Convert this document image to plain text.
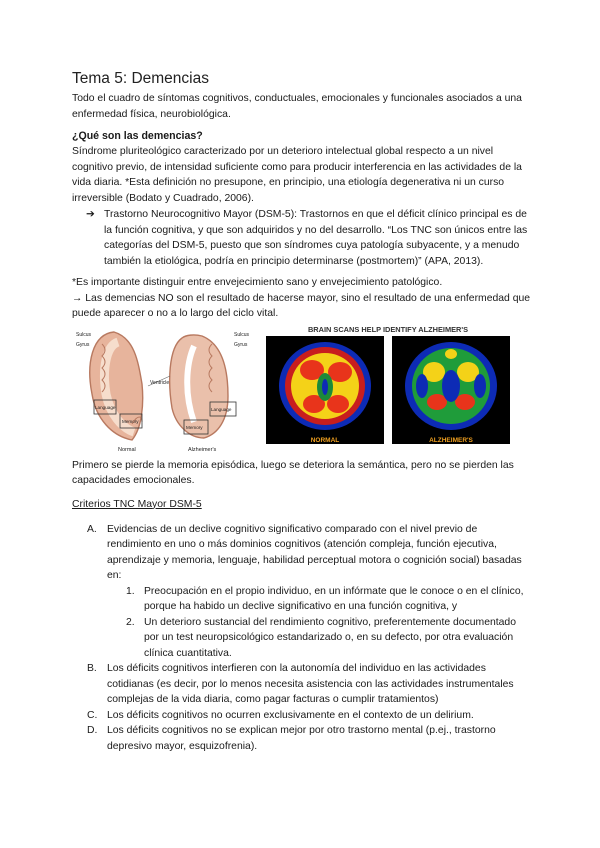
Tema 5: Demencias

Todo el cuadro de síntomas cognitivos, conductuales, emocionales y funcionales asociados a una enfermedad física, neurobiológica.

¿Qué son las demencias?

Síndrome pluriteológico caracterizado por un deterioro intelectual global respecto a un nivel cognitivo previo, de intensidad suficiente como para producir interferencia en las actividades de la vida diaria. *Esta definición no presupone, en principio, una etiología degenerativa ni un curso irreversible (Bodato y Cuadrado, 2006).

➔ Trastorno Neurocognitivo Mayor (DSM-5): Trastornos en que el déficit clínico principal es de la función cognitiva, y que son adquiridos y no del desarrollo. “Los TNC son únicos entre las categorías del DSM-5, puesto que son síndromes cuya patología subyacente, y a menudo también la etiológica, podría en principio determinarse (postmortem)” (APA, 2013).

*Es importante distinguir entre envejecimiento sano y envejecimiento patológico.

→ Las demencias NO son el resultado de hacerse mayor, sino el resultado de una enfermedad que puede aparecer o no a lo largo del ciclo vital.

Sulcus
Gyrus
Sulcus
Gyrus
Ventricle
Language
Memory
Language
Memory
Normal	Alzheimer's
BRAIN SCANS HELP IDENTIFY ALZHEIMER'S
NORMAL	ALZHEIMER'S

Primero se pierde la memoria episódica, luego se deteriora la semántica, pero no se pierden las capacidades emocionales.

Criterios TNC Mayor DSM-5

A. Evidencias de un declive cognitivo significativo comparado con el nivel previo de rendimiento en uno o más dominios cognitivos (atención compleja, función ejecutiva, aprendizaje y memoria, lenguaje, habilidad perceptual motora o cognición social) basadas en:
1. Preocupación en el propio individuo, en un infórmate que le conoce o en el clínico, porque ha habido un declive significativo en una función cognitiva, y
2. Un deterioro sustancial del rendimiento cognitivo, preferentemente documentado por un test neuropsicológico estandarizado o, en su defecto, por otra evaluación clínica cuantitativa.
B. Los déficits cognitivos interfieren con la autonomía del individuo en las actividades cotidianas (es decir, por lo menos necesita asistencia con las actividades instrumentales complejas de la vida diaria, como pagar facturas o cumplir tratamientos)
C. Los déficits cognitivos no ocurren exclusivamente en el contexto de un delirium.
D. Los déficits cognitivos no se explican mejor por otro trastorno mental (p.ej., trastorno depresivo mayor, esquizofrenia).
